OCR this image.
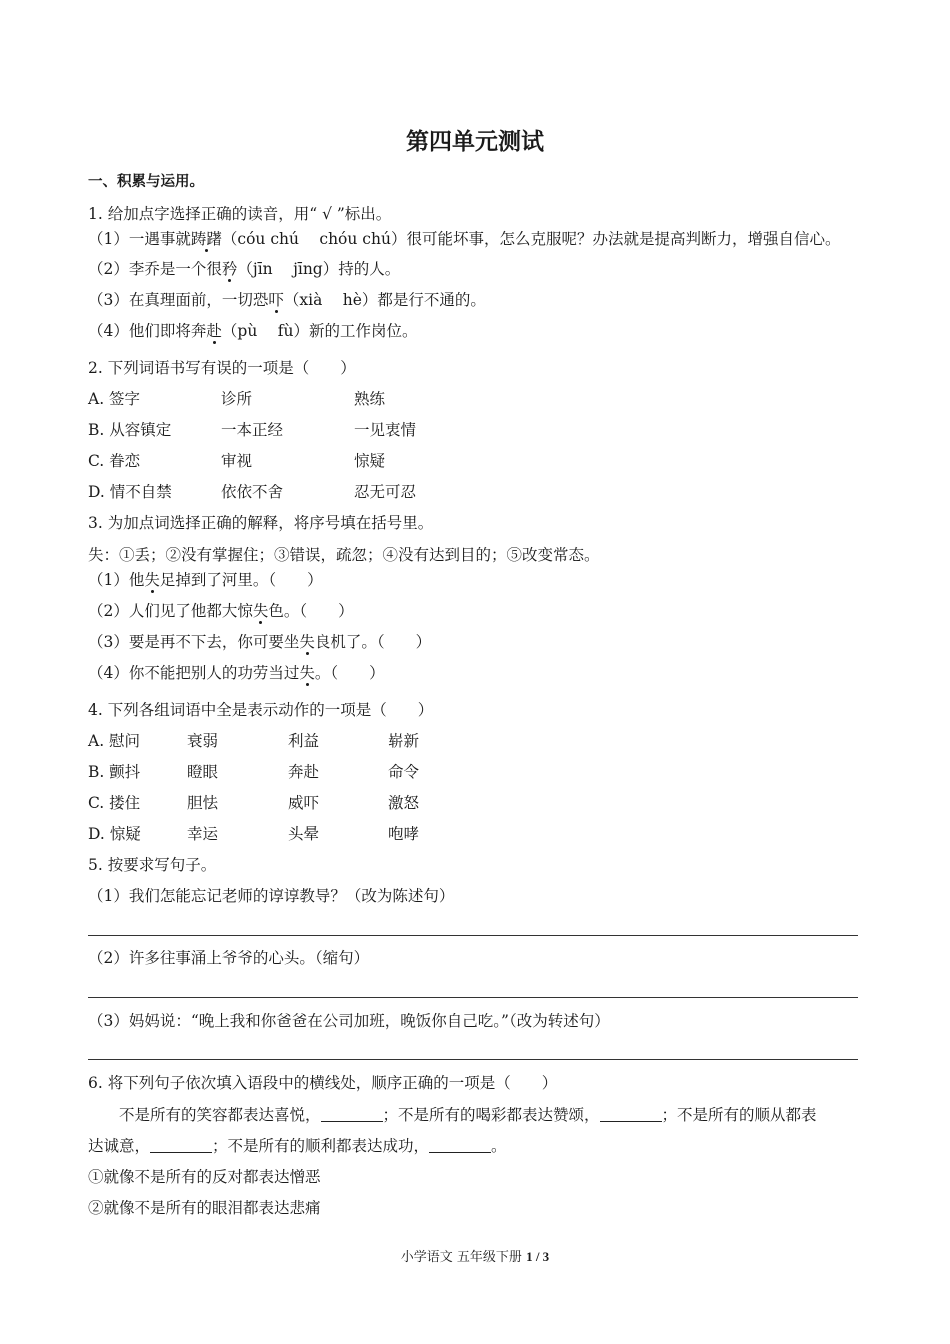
第四单元测试
一、积累与运用。
1. 给加点字选择正确的读音，用“ √ ”标出。
（1）一遇事就踌躇（cóu chú　 chóu chú）很可能坏事，怎么克服呢？办法就是提高判断力，增强自信心。
（2）李乔是一个很矜（jīn　 jīng）持的人。
（3）在真理面前，一切恐吓（xià　 hè）都是行不通的。
（4）他们即将奔赴（pù　 fù）新的工作岗位。
2. 下列词语书写有误的一项是（　　）
A. 签字	诊所	熟练
B. 从容镇定	一本正经	一见衷情
C. 眷恋	审视	惊疑
D. 情不自禁	依依不舍	忍无可忍
3. 为加点词选择正确的解释，将序号填在括号里。
失：①丢；②没有掌握住；③错误，疏忽；④没有达到目的；⑤改变常态。
（1）他失足掉到了河里。（　　）
（2）人们见了他都大惊失色。（　　）
（3）要是再不下去，你可要坐失良机了。（　　）
（4）你不能把别人的功劳当过失。（　　）
4. 下列各组词语中全是表示动作的一项是（　　）
A. 慰问	衰弱	利益	崭新
B. 颤抖	瞪眼	奔赴	命令
C. 搂住	胆怯	威吓	激怒
D. 惊疑	幸运	头晕	咆哮
5. 按要求写句子。
（1）我们怎能忘记老师的谆谆教导？（改为陈述句）
（2）许多往事涌上爷爷的心头。（缩句）
（3）妈妈说：“晚上我和你爸爸在公司加班，晚饭你自己吃。”（改为转述句）
6. 将下列句子依次填入语段中的横线处，顺序正确的一项是（　　）
不是所有的笑容都表达喜悦，	；不是所有的喝彩都表达赞颂，	；不是所有的顺从都表
达诚意，	；不是所有的顺利都表达成功，	。
①就像不是所有的反对都表达憎恶
②就像不是所有的眼泪都表达悲痛
小学语文 五年级下册 1 / 3
